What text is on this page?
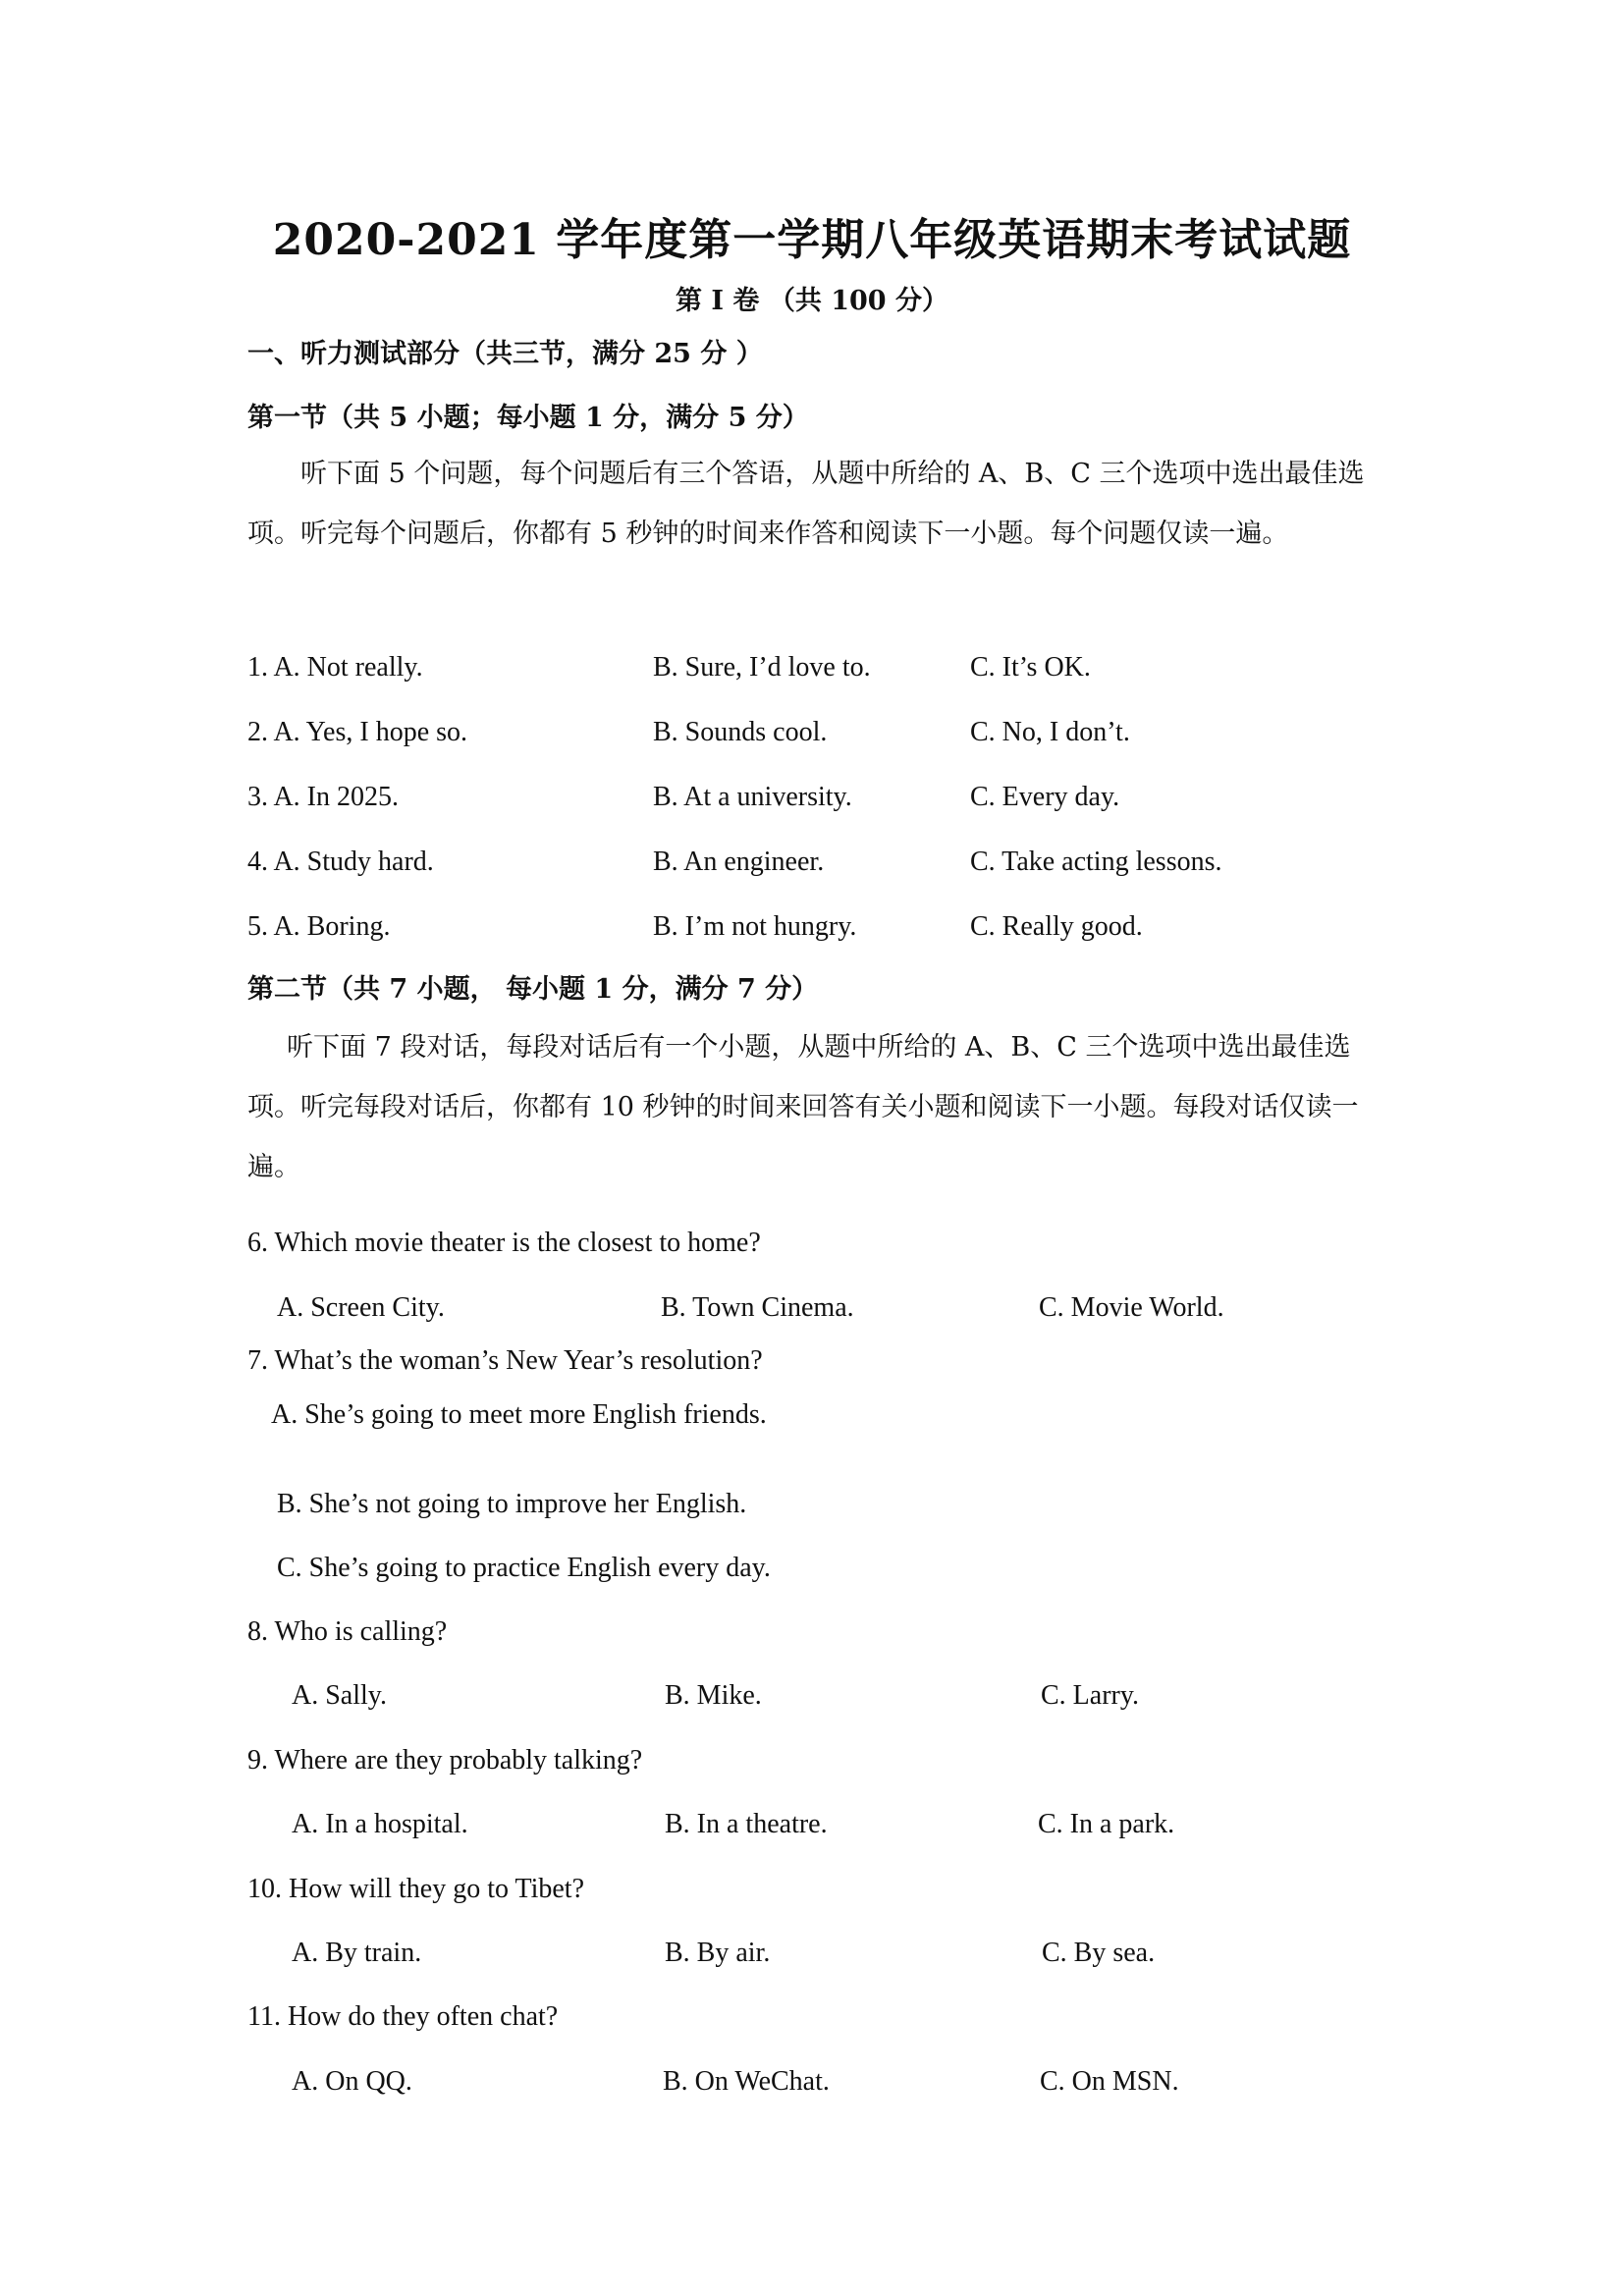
2020-2021 学年度第一学期八年级英语期末考试试题
第 I 卷 （共 100 分）
一、听力测试部分（共三节，满分 25 分 ）
第一节（共 5 小题；每小题 1 分，满分 5 分）
听下面 5 个问题，每个问题后有三个答语，从题中所给的 A、B、C 三个选项中选出最佳选项。听完每个问题后，你都有 5 秒钟的时间来作答和阅读下一小题。每个问题仅读一遍。
1. A. Not really.	B. Sure, I’d love to.	C. It’s OK.
2. A. Yes, I hope so.	B. Sounds cool.	C. No, I don’t.
3. A. In 2025.	B. At a university.	C. Every day.
4. A. Study hard.	B. An engineer.	C. Take acting lessons.
5. A. Boring.	B. I’m not hungry.	C. Really good.
第二节（共 7 小题， 每小题 1 分，满分 7 分）
听下面 7 段对话，每段对话后有一个小题，从题中所给的 A、B、C 三个选项中选出最佳选项。听完每段对话后，你都有 10 秒钟的时间来回答有关小题和阅读下一小题。每段对话仅读一遍。
6. Which movie theater is the closest to home?
A. Screen City.	B. Town Cinema.	C. Movie World.
7. What’s the woman’s New Year’s resolution?
A. She’s going to meet more English friends.
B. She’s not going to improve her English.
C. She’s going to practice English every day.
8. Who is calling?
A. Sally.	B. Mike.	C. Larry.
9. Where are they probably talking?
A. In a hospital.	B. In a theatre.	C. In a park.
10. How will they go to Tibet?
A. By train.	B. By air.	C. By sea.
11. How do they often chat?
A. On QQ.	B. On WeChat.	C. On MSN.
